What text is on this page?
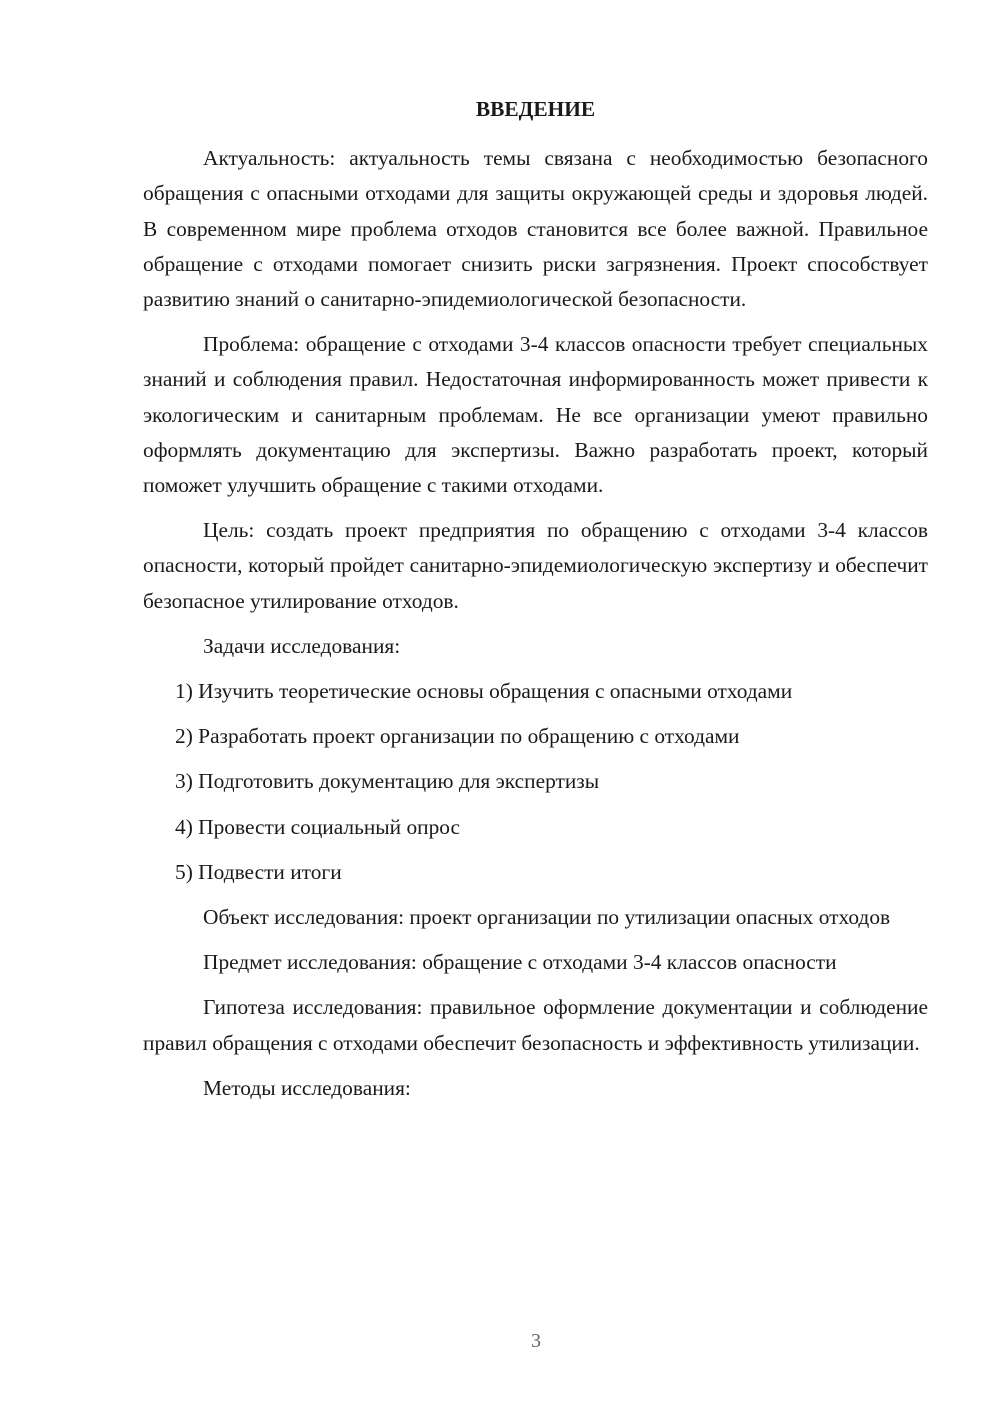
ВВЕДЕНИЕ

Актуальность: актуальность темы связана с необходимостью безопасного обращения с опасными отходами для защиты окружающей среды и здоровья людей. В современном мире проблема отходов становится все более важной. Правильное обращение с отходами помогает снизить риски загрязнения. Проект способствует развитию знаний о санитарно-эпидемиологической безопасности.

Проблема: обращение с отходами 3-4 классов опасности требует специальных знаний и соблюдения правил. Недостаточная информированность может привести к экологическим и санитарным проблемам. Не все организации умеют правильно оформлять документацию для экспертизы. Важно разработать проект, который поможет улучшить обращение с такими отходами.

Цель: создать проект предприятия по обращению с отходами 3-4 классов опасности, который пройдет санитарно-эпидемиологическую экспертизу и обеспечит безопасное утилирование отходов.

Задачи исследования:

1) Изучить теоретические основы обращения с опасными отходами
2) Разработать проект организации по обращению с отходами
3) Подготовить документацию для экспертизы
4) Провести социальный опрос
5) Подвести итоги

Объект исследования: проект организации по утилизации опасных отходов

Предмет исследования: обращение с отходами 3-4 классов опасности

Гипотеза исследования: правильное оформление документации и соблюдение правил обращения с отходами обеспечит безопасность и эффективность утилизации.

Методы исследования:

3
